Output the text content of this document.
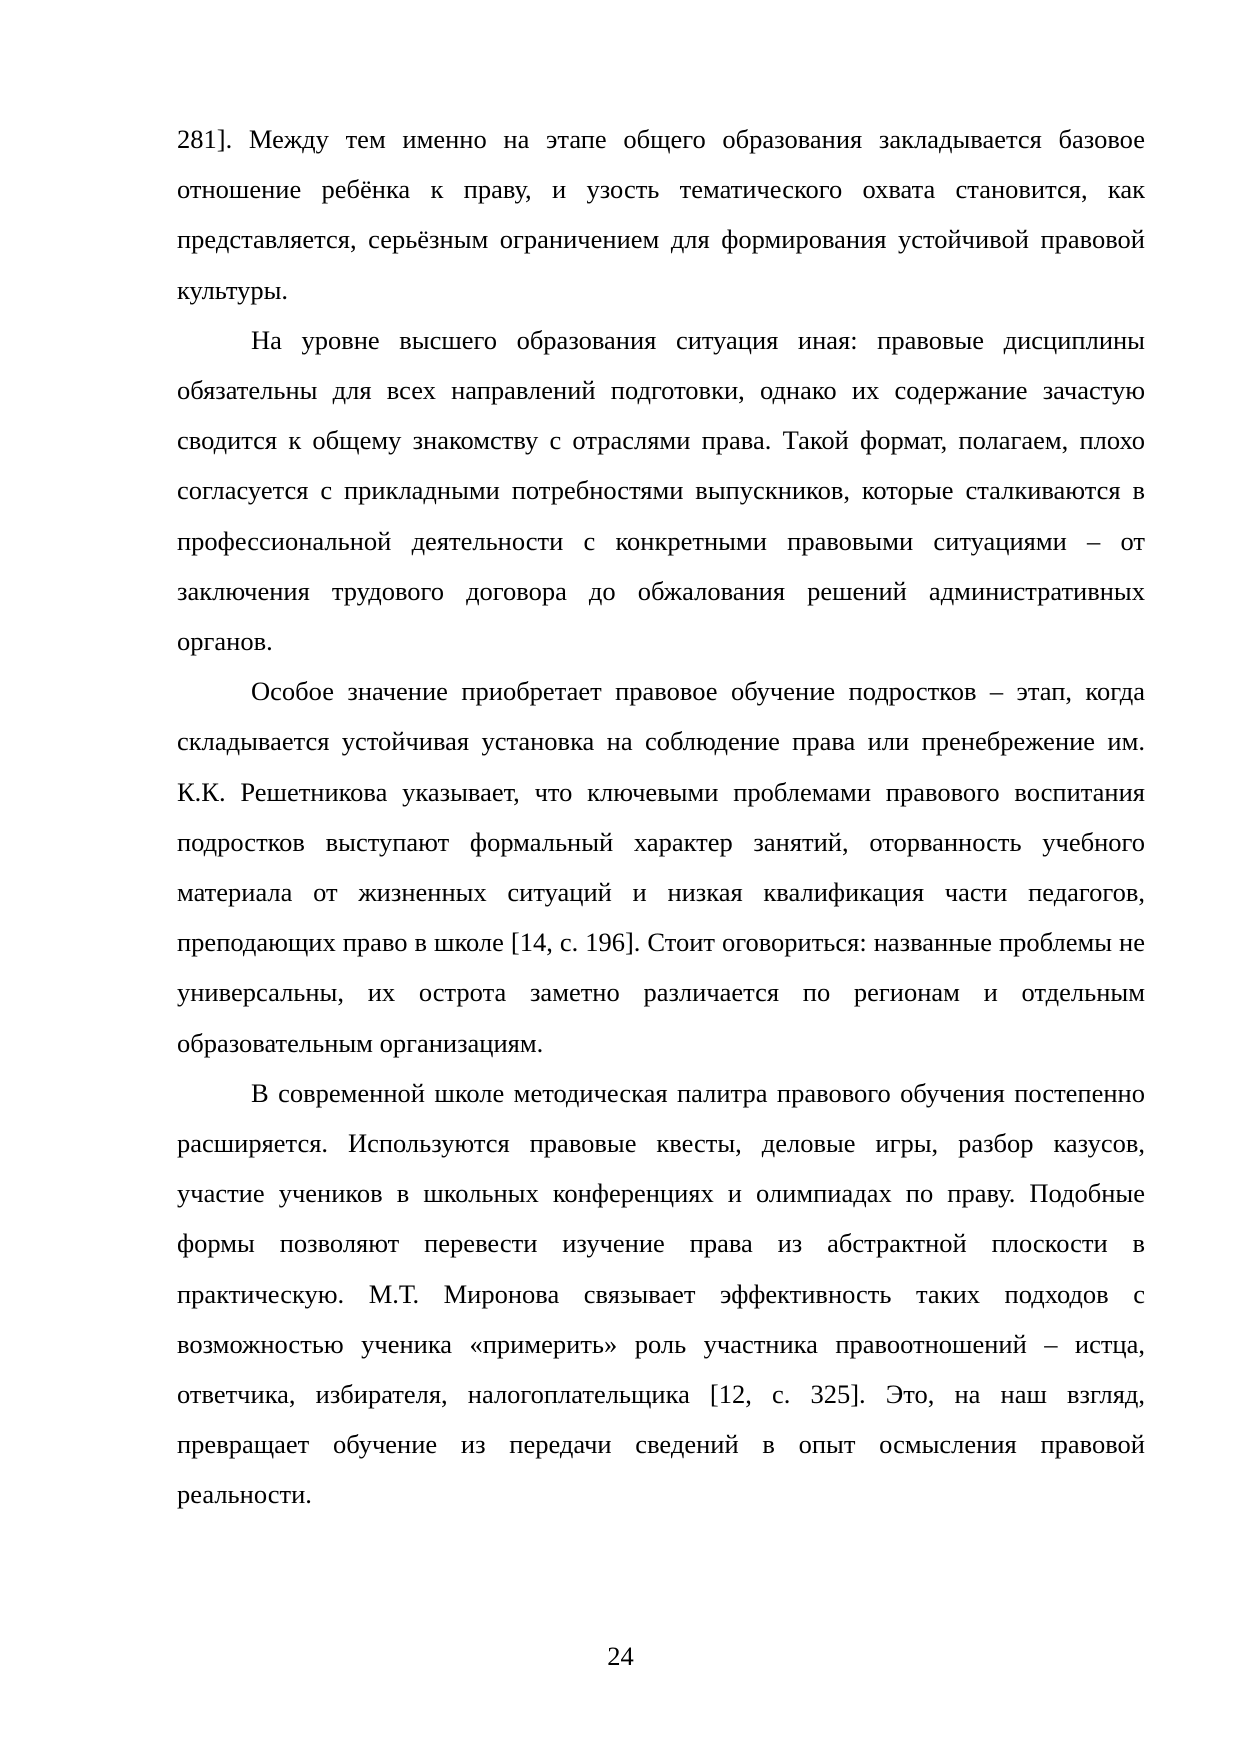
281]. Между тем именно на этапе общего образования закладывается базовое отношение ребёнка к праву, и узость тематического охвата становится, как представляется, серьёзным ограничением для формирования устойчивой правовой культуры.

На уровне высшего образования ситуация иная: правовые дисциплины обязательны для всех направлений подготовки, однако их содержание зачастую сводится к общему знакомству с отраслями права. Такой формат, полагаем, плохо согласуется с прикладными потребностями выпускников, которые сталкиваются в профессиональной деятельности с конкретными правовыми ситуациями – от заключения трудового договора до обжалования решений административных органов.

Особое значение приобретает правовое обучение подростков – этап, когда складывается устойчивая установка на соблюдение права или пренебрежение им. К.К. Решетникова указывает, что ключевыми проблемами правового воспитания подростков выступают формальный характер занятий, оторванность учебного материала от жизненных ситуаций и низкая квалификация части педагогов, преподающих право в школе [14, с. 196]. Стоит оговориться: названные проблемы не универсальны, их острота заметно различается по регионам и отдельным образовательным организациям.

В современной школе методическая палитра правового обучения постепенно расширяется. Используются правовые квесты, деловые игры, разбор казусов, участие учеников в школьных конференциях и олимпиадах по праву. Подобные формы позволяют перевести изучение права из абстрактной плоскости в практическую. М.Т. Миронова связывает эффективность таких подходов с возможностью ученика «примерить» роль участника правоотношений – истца, ответчика, избирателя, налогоплательщика [12, с. 325]. Это, на наш взгляд, превращает обучение из передачи сведений в опыт осмысления правовой реальности.

24
